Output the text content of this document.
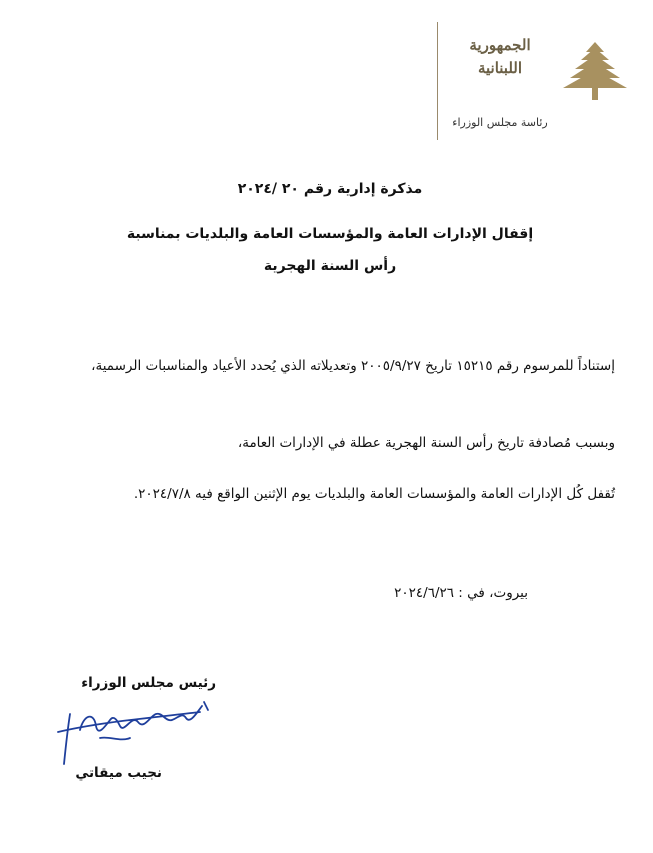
الجمهورية
اللبنانية
رئاسة مجلس الوزراء
مذكرة إدارية رقم ٢٠ /٢٠٢٤
إقفال الإدارات العامة والمؤسسات العامة والبلديات بمناسبة
رأس السنة الهجرية
إستناداً للمرسوم رقم ١٥٢١٥ تاريخ ٢٠٠٥/٩/٢٧ وتعديلاته الذي يُحدد الأعياد والمناسبات الرسمية،
وبسبب مُصادفة تاريخ رأس السنة الهجرية عطلة في الإدارات العامة،
تُقفل كُل الإدارات العامة والمؤسسات العامة والبلديات يوم الإثنين الواقع فيه ٢٠٢٤/٧/٨.
بيروت، في : ٢٠٢٤/٦/٢٦
رئيس مجلس الوزراء
نجيب ميقاتي
